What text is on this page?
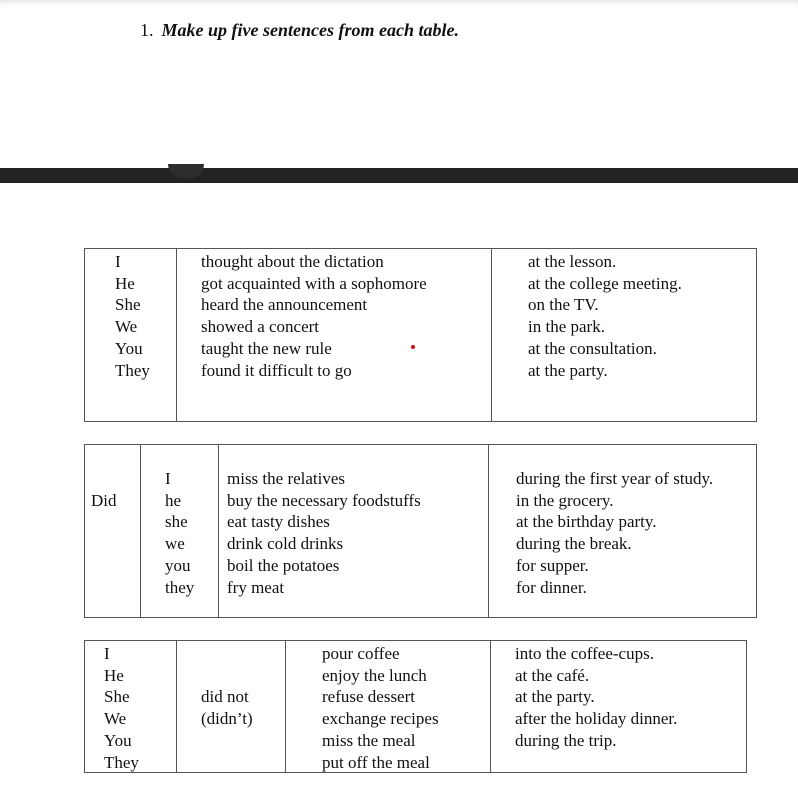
1. Make up five sentences from each table.
I
He
She
We
You
They
thought about the dictation
got acquainted with a sophomore
heard the announcement
showed a concert
taught the new rule
found it difficult to go
at the lesson.
at the college meeting.
on the TV.
in the park.
at the consultation.
at the party.
Did
I
he
she
we
you
they
miss the relatives
buy the necessary foodstuffs
eat tasty dishes
drink cold drinks
boil the potatoes
fry meat
during the first year of study.
in the grocery.
at the birthday party.
during the break.
for supper.
for dinner.
I
He
She
We
You
They
did not
(didn’t)
pour coffee
enjoy the lunch
refuse dessert
exchange recipes
miss the meal
put off the meal
into the coffee-cups.
at the café.
at the party.
after the holiday dinner.
during the trip.
